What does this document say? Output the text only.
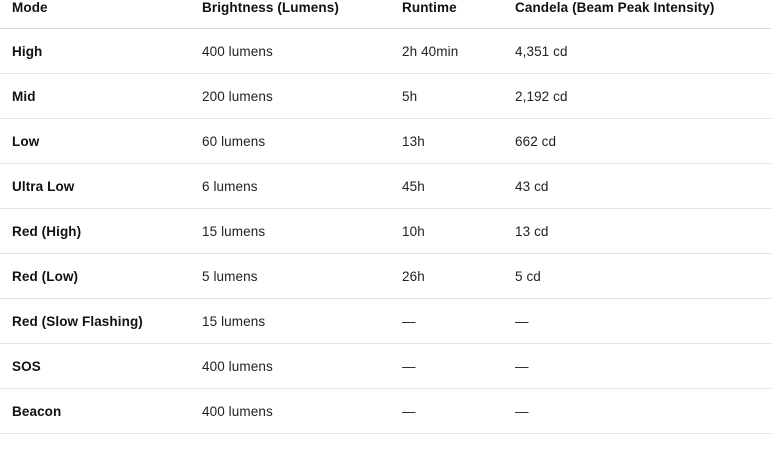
Mode	Brightness (Lumens)	Runtime	Candela (Beam Peak Intensity)
High	400 lumens	2h 40min	4,351 cd
Mid	200 lumens	5h	2,192 cd
Low	60 lumens	13h	662 cd
Ultra Low	6 lumens	45h	43 cd
Red (High)	15 lumens	10h	13 cd
Red (Low)	5 lumens	26h	5 cd
Red (Slow Flashing)	15 lumens	—	—
SOS	400 lumens	—	—
Beacon	400 lumens	—	—
